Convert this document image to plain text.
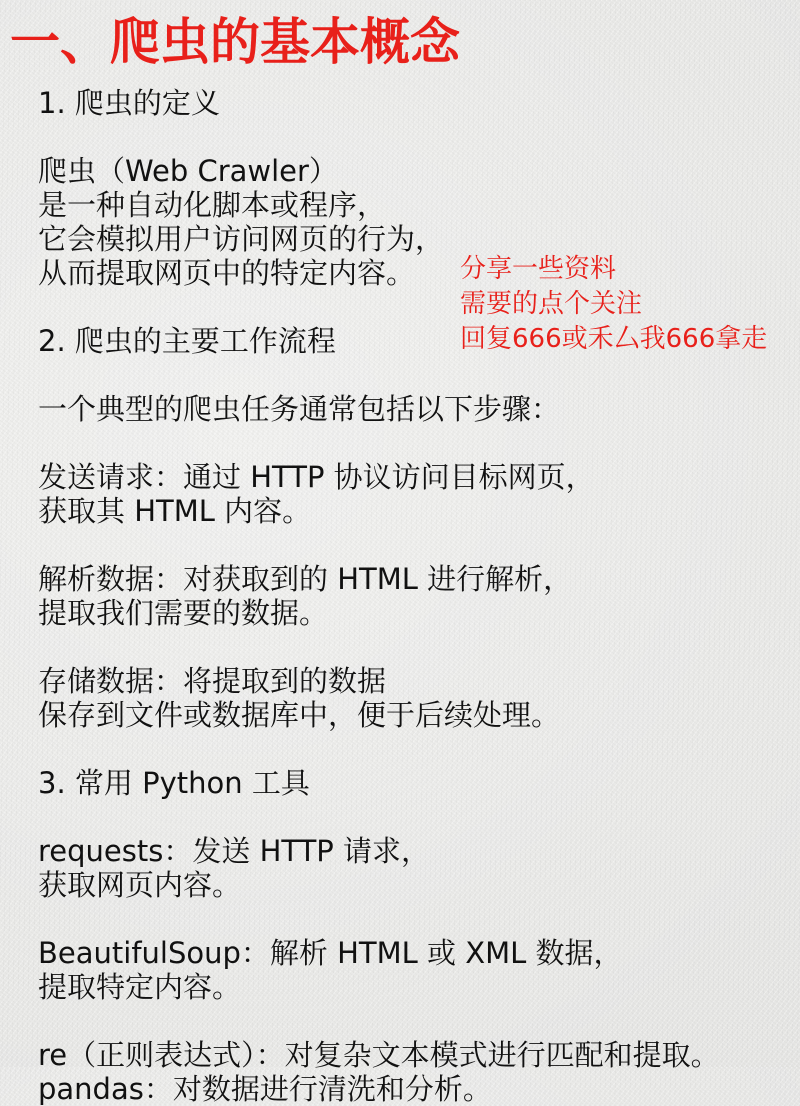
一、爬虫的基本概念
1. 爬虫的定义
爬虫（Web Crawler）
是一种自动化脚本或程序，
它会模拟用户访问网页的行为，
从而提取网页中的特定内容。
2. 爬虫的主要工作流程
一个典型的爬虫任务通常包括以下步骤：
发送请求：通过 HTTP 协议访问目标网页，
获取其 HTML 内容。
解析数据：对获取到的 HTML 进行解析，
提取我们需要的数据。
存储数据：将提取到的数据
保存到文件或数据库中，便于后续处理。
3. 常用 Python 工具
requests：发送 HTTP 请求，
获取网页内容。
BeautifulSoup：解析 HTML 或 XML 数据，
提取特定内容。
re（正则表达式）：对复杂文本模式进行匹配和提取。
pandas：对数据进行清洗和分析。
分享一些资料
需要的点个关注
回复666或禾厶我666拿走
